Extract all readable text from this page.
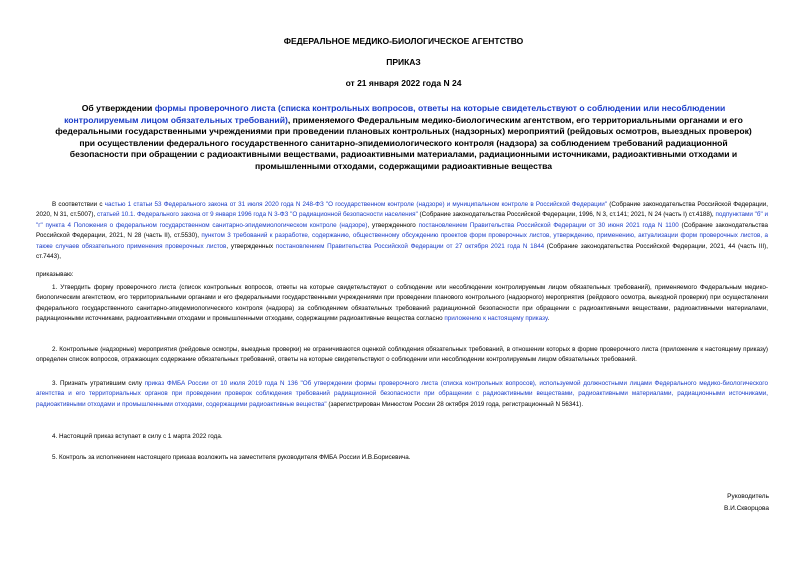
ФЕДЕРАЛЬНОЕ МЕДИКО-БИОЛОГИЧЕСКОЕ АГЕНТСТВО
ПРИКАЗ
от 21 января 2022 года N 24
Об утверждении формы проверочного листа (списка контрольных вопросов, ответы на которые свидетельствуют о соблюдении или несоблюдении контролируемым лицом обязательных требований), применяемого Федеральным медико-биологическим агентством, его территориальными органами и его федеральными государственными учреждениями при проведении плановых контрольных (надзорных) мероприятий (рейдовых осмотров, выездных проверок) при осуществлении федерального государственного санитарно-эпидемиологического контроля (надзора) за соблюдением требований радиационной безопасности при обращении с радиоактивными веществами, радиоактивными материалами, радиационными источниками, радиоактивными отходами и промышленными отходами, содержащими радиоактивные вещества
В соответствии с частью 1 статьи 53 Федерального закона от 31 июля 2020 года N 248-ФЗ "О государственном контроле (надзоре) и муниципальном контроле в Российской Федерации" (Собрание законодательства Российской Федерации, 2020, N 31, ст.5007), статьей 10.1. Федерального закона от 9 января 1996 года N 3-ФЗ "О радиационной безопасности населения" (Собрание законодательства Российской Федерации, 1996, N 3, ст.141; 2021, N 24 (часть I) ст.4188), подпунктами "б" и "г" пункта 4 Положения о федеральном государственном санитарно-эпидемиологическом контроле (надзоре), утвержденного постановлением Правительства Российской Федерации от 30 июня 2021 года N 1100 (Собрание законодательства Российской Федерации, 2021, N 28 (часть II), ст.5530), пунктом 3 требований к разработке, содержанию, общественному обсуждению проектов форм проверочных листов, утверждению, применению, актуализации форм проверочных листов, а также случаев обязательного применения проверочных листов, утвержденных постановлением Правительства Российской Федерации от 27 октября 2021 года N 1844 (Собрание законодательства Российской Федерации, 2021, 44 (часть III), ст.7443),
приказываю:
1. Утвердить форму проверочного листа (список контрольных вопросов, ответы на которые свидетельствуют о соблюдении или несоблюдении контролируемым лицом обязательных требований), применяемого Федеральным медико-биологическим агентством, его территориальными органами и его федеральными государственными учреждениями при проведении планового контрольного (надзорного) мероприятия (рейдового осмотра, выездной проверки) при осуществлении федерального государственного санитарно-эпидемиологического контроля (надзора) за соблюдением обязательных требований радиационной безопасности при обращении с радиоактивными веществами, радиоактивными материалами, радиационными источниками, радиоактивными отходами и промышленными отходами, содержащими радиоактивные вещества согласно приложению к настоящему приказу.
2. Контрольные (надзорные) мероприятия (рейдовые осмотры, выездные проверки) не ограничиваются оценкой соблюдения обязательных требований, в отношении которых в форме проверочного листа (приложение к настоящему приказу) определен список вопросов, отражающих содержание обязательных требований, ответы на которые свидетельствуют о соблюдении или несоблюдении контролируемым лицом обязательных требований.
3. Признать утратившим силу приказ ФМБА России от 10 июля 2019 года N 136 "Об утверждении формы проверочного листа (списка контрольных вопросов), используемой должностными лицами Федерального медико-биологического агентства и его территориальных органов при проведении проверок соблюдения требований радиационной безопасности при обращении с радиоактивными веществами, радиоактивными материалами, радиационными источниками, радиоактивными отходами и промышленными отходами, содержащими радиоактивные вещества" (зарегистрирован Минюстом России 28 октября 2019 года, регистрационный N 56341).
4. Настоящий приказ вступает в силу с 1 марта 2022 года.
5. Контроль за исполнением настоящего приказа возложить на заместителя руководителя ФМБА России И.В.Борисевича.
Руководитель
В.И.Скворцова
